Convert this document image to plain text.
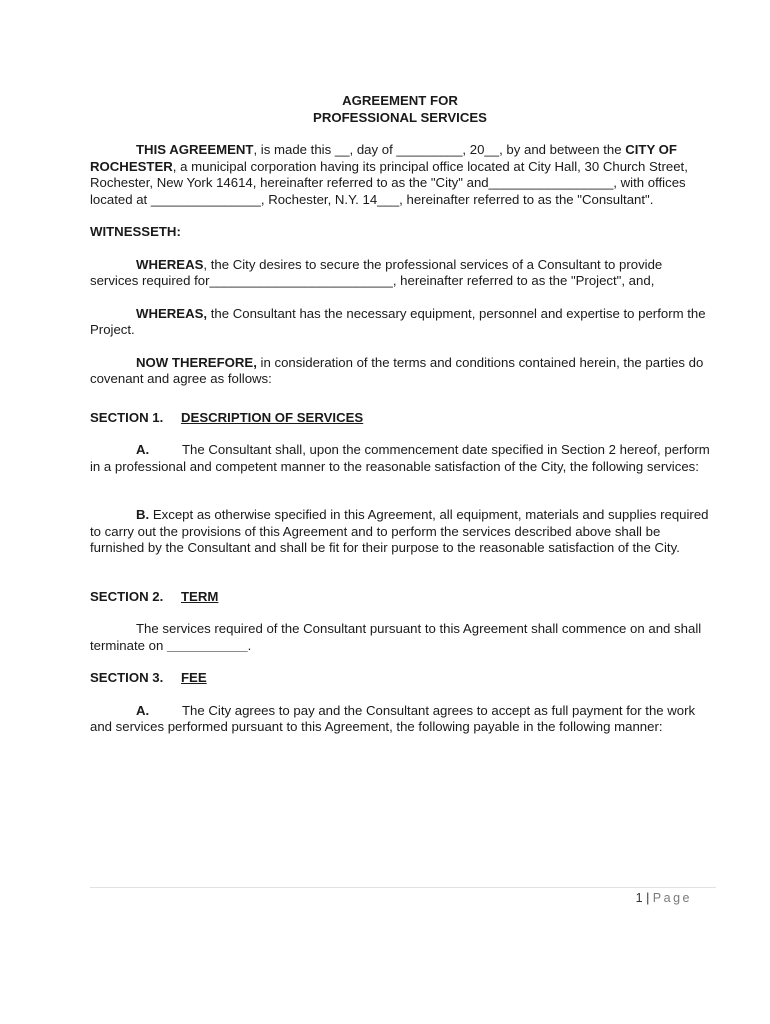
AGREEMENT FOR
PROFESSIONAL SERVICES

THIS AGREEMENT, is made this __, day of _________, 20__, by and between the CITY OF ROCHESTER, a municipal corporation having its principal office located at City Hall, 30 Church Street, Rochester, New York 14614, hereinafter referred to as the "City" and_________________, with offices located at _______________, Rochester, N.Y. 14___, hereinafter referred to as the "Consultant".

WITNESSETH:

WHEREAS, the City desires to secure the professional services of a Consultant to provide services required for_________________________, hereinafter referred to as the "Project", and,

WHEREAS, the Consultant has the necessary equipment, personnel and expertise to perform the Project.

NOW THEREFORE, in consideration of the terms and conditions contained herein, the parties do covenant and agree as follows:

SECTION 1.	DESCRIPTION OF SERVICES

A. The Consultant shall, upon the commencement date specified in Section 2 hereof, perform in a professional and competent manner to the reasonable satisfaction of the City, the following services:

B. Except as otherwise specified in this Agreement, all equipment, materials and supplies required to carry out the provisions of this Agreement and to perform the services described above shall be furnished by the Consultant and shall be fit for their purpose to the reasonable satisfaction of the City.

SECTION 2.	TERM

The services required of the Consultant pursuant to this Agreement shall commence on and shall terminate on ___________.

SECTION 3.	FEE

A. The City agrees to pay and the Consultant agrees to accept as full payment for the work and services performed pursuant to this Agreement, the following payable in the following manner:

1 | Page
